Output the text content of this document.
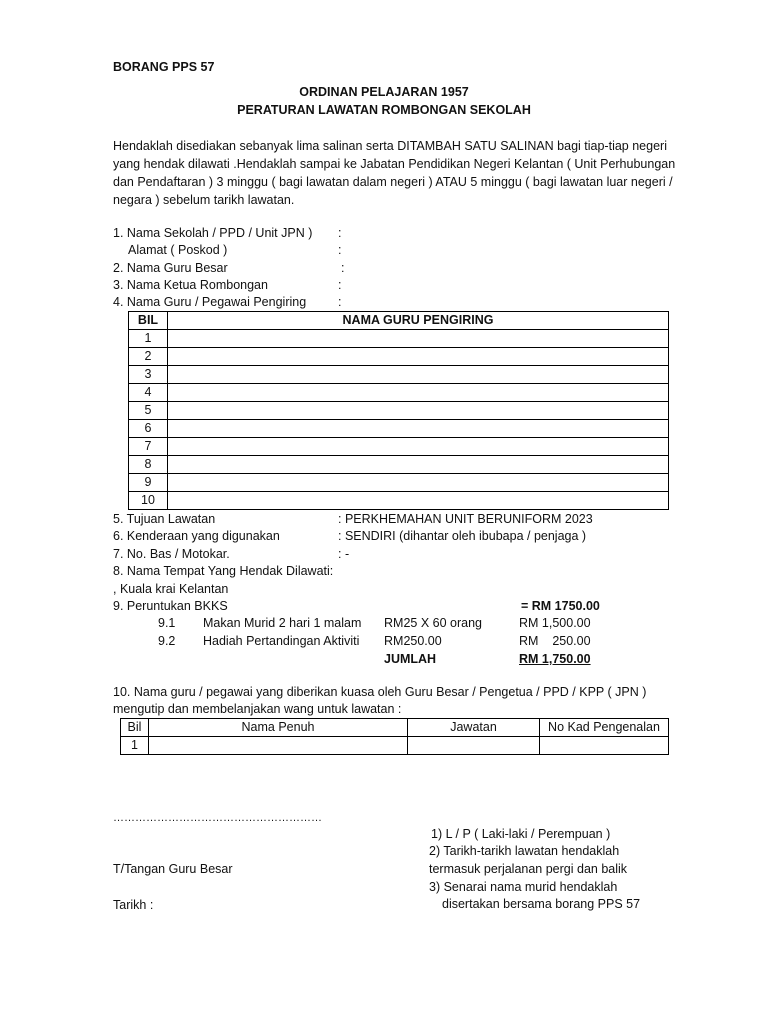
BORANG PPS 57
ORDINAN PELAJARAN 1957
PERATURAN LAWATAN ROMBONGAN SEKOLAH
Hendaklah disediakan sebanyak lima salinan serta DITAMBAH SATU SALINAN bagi tiap-tiap negeri
yang hendak dilawati .Hendaklah sampai ke Jabatan Pendidikan Negeri Kelantan ( Unit Perhubungan
dan Pendaftaran ) 3 minggu ( bagi lawatan dalam negeri ) ATAU 5 minggu ( bagi lawatan luar negeri /
negara ) sebelum tarikh lawatan.
1. Nama Sekolah / PPD / Unit JPN ) :
Alamat ( Poskod )	:
2. Nama Guru Besar	:
3. Nama Ketua Rombongan	:
4. Nama Guru / Pegawai Pengiring	:
BIL	NAMA GURU PENGIRING
1	
2	
3	
4	
5	
6	
7	
8	
9	
10	
5. Tujuan Lawatan	: PERKHEMAHAN UNIT BERUNIFORM 2023
6. Kenderaan yang digunakan	: SENDIRI (dihantar oleh ibubapa / penjaga )
7. No. Bas / Motokar.	: -
8. Nama Tempat Yang Hendak Dilawati:
, Kuala krai Kelantan
9. Peruntukan BKKS	= RM 1750.00
9.1 Makan Murid 2 hari 1 malam RM25 X 60 orang	RM 1,500.00
9.2 Hadiah Pertandingan Aktiviti RM250.00	RM    250.00
JUMLAH	RM 1,750.00
10. Nama guru / pegawai yang diberikan kuasa oleh Guru Besar / Pengetua / PPD / KPP ( JPN )
mengutip dan membelanjakan wang untuk lawatan :
Bil	Nama Penuh	Jawatan	No Kad Pengenalan
1			
…………………………………………………
T/Tangan Guru Besar
Tarikh :
1) L / P ( Laki-laki / Perempuan )
2) Tarikh-tarikh lawatan hendaklah
termasuk perjalanan pergi dan balik
3) Senarai nama murid hendaklah
disertakan bersama borang PPS 57
